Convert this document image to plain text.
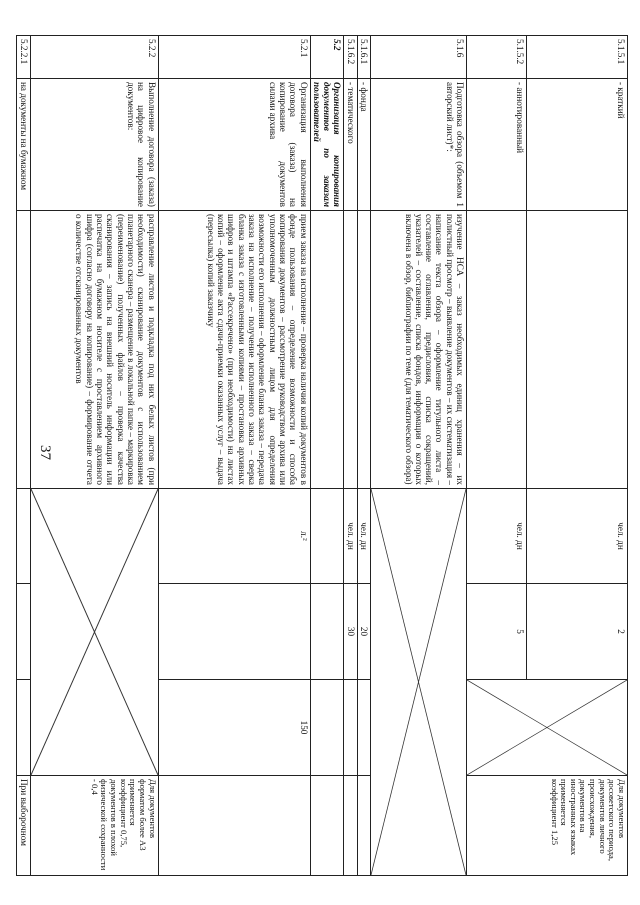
37
5.1.5.1	- краткий		чел. дн	2		Для документов досоветского периода, документов личного происхождения, документов на иностранных языках применяется коэффициент 1,25
5.1.5.2	- аннотированный		чел. дн	5		
5.1.6	Подготовка обзора (объемом 1 авторский лист)*:	изучение НСА – заказ необходимых единиц хранения – их полистный просмотр – выявление документов – их систематизация – написание текста обзора – оформление титульного листа – составление оглавления, предисловия, списка сокращений, указателей – составление, списка фондов, информация о которых включена в обзор, библиографии по теме (для тематического обзора)	

5.1.6.1	- фонда		чел. дн	20		
5.1.6.2	- тематического		чел. дн	30		
5.2	Организация копирования документов по заказам пользователей					
5.2.1	Организация выполнения договора (заказа) на копирование документов силами архива	прием заказа на исполнение – проверка наличия копий документов в фонде пользования – определение возможности и способа копирования документов – рассмотрение руководством архива или уполномоченным должностным лицом для определения возможности его исполнения – оформление бланка заказа – передача заказа на исполнение – получение исполненного заказа – сверка бланка заказа с изготовленными копиями – простановка архивных шифров и штампа «Рассекречено» (при необходимости) на листах копий – оформление акта сдачи-приемки оказанных услуг – выдача (пересылка) копий заказчику	л.²		150	
5.2.2	Выполнение договора (заказа) на цифровое копирование документов:	расправление листов и подкладка под них белых листов (при необходимости) сканирование документов с использованием планетарного сканера – размещение в локальной папке – маркировка (переименование) полученных файлов – проверка качества сканирования – запись на внешний носитель информации или распечатка на бумажном носителе с проставлением архивного шифра (согласно договору на копирование) – формирование отчета о количестве отсканированных документов				Для документов форматом более А3 применяется коэффициент 0,75, документов в плохой физической сохранности - 0,4
5.2.2.1	на документы на бумажном					При выборочном
